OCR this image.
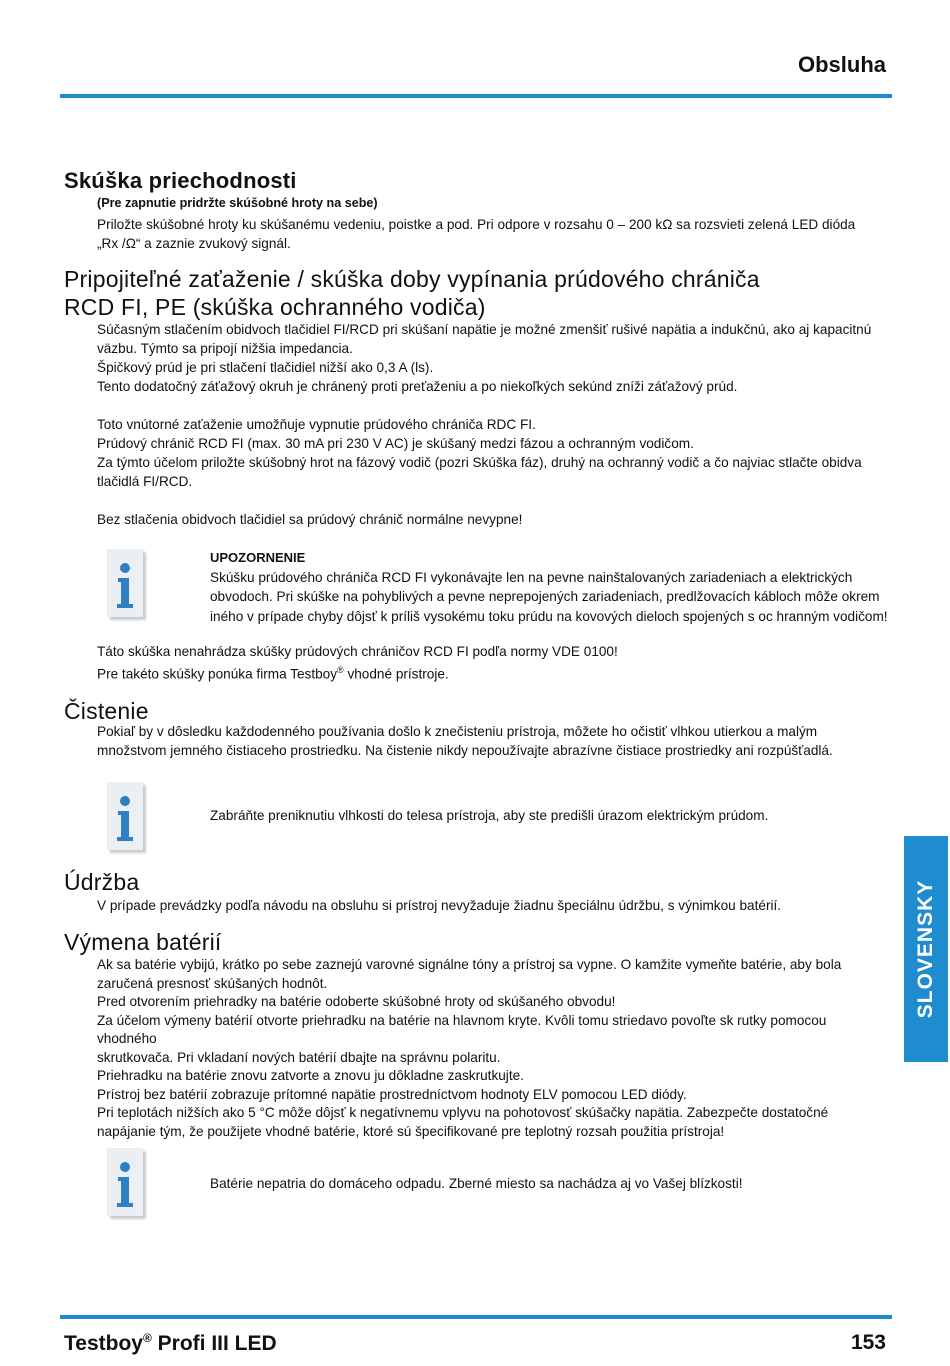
Obsluha
Skúška priechodnosti

(Pre zapnutie pridržte skúšobné hroty na sebe)

Priložte skúšobné hroty ku skúšanému vedeniu, poistke a pod. Pri odpore v rozsahu 0 – 200 kΩ sa rozsvieti zelená LED dióda

„Rx /Ω“ a zaznie zvukový signál.

Pripojiteľné zaťaženie / skúška doby vypínania prúdového chrániča
RCD FI, PE (skúška ochranného vodiča)

Súčasným stlačením obidvoch tlačidiel FI/RCD pri skúšaní napätie je možné zmenšiť rušivé napätia a indukčnú, ako aj kapacitnú

väzbu. Týmto sa pripojí nižšia impedancia.

Špičkový prúd je pri stlačení tlačidiel nižší ako 0,3 A (ls).

Tento dodatočný záťažový okruh je chránený proti preťaženiu a po niekoľkých sekúnd zníži záťažový prúd.

Toto vnútorné zaťaženie umožňuje vypnutie prúdového chrániča RDC FI.

Prúdový chránič RCD FI (max. 30 mA pri 230 V AC) je skúšaný medzi fázou a ochranným vodičom.

Za týmto účelom priložte skúšobný hrot na fázový vodič (pozri Skúška fáz), druhý na ochranný vodič a čo najviac stlačte obidva

tlačidlá FI/RCD.

Bez stlačenia obidvoch tlačidiel sa prúdový chránič normálne nevypne!

UPOZORNENIE

Skúšku prúdového chrániča RCD FI vykonávajte len na pevne nainštalovaných zariadeniach a elektrických

obvodoch. Pri skúške na pohyblivých a pevne neprepojených zariadeniach, predlžovacích kábloch môže okrem

iného v prípade chyby dôjsť k príliš vysokému toku prúdu na kovových dieloch spojených s oc hranným vodičom!

Táto skúška nenahrádza skúšky prúdových chráničov RCD FI podľa normy VDE 0100!

Pre takéto skúšky ponúka firma Testboy® vhodné prístroje.

Čistenie

Pokiaľ by v dôsledku každodenného používania došlo k znečisteniu prístroja, môžete ho očistiť vlhkou utierkou a malým

množstvom jemného čistiaceho prostriedku. Na čistenie nikdy nepoužívajte abrazívne čistiace prostriedky ani rozpúšťadlá.

Zabráňte preniknutiu vlhkosti do telesa prístroja, aby ste predišli úrazom elektrickým prúdom.
Údržba
V prípade prevádzky podľa návodu na obsluhu si prístroj nevyžaduje žiadnu špeciálnu údržbu, s výnimkou batérií.
Výmena batérií

Ak sa batérie vybijú, krátko po sebe zaznejú varovné signálne tóny a prístroj sa vypne. O kamžite vymeňte batérie, aby bola

zaručená presnosť skúšaných hodnôt.

Pred otvorením priehradky na batérie odoberte skúšobné hroty od skúšaného obvodu!

Za účelom výmeny batérií otvorte priehradku na batérie na hlavnom kryte. Kvôli tomu striedavo povoľte sk rutky pomocou vhodného

skrutkovača. Pri vkladaní nových batérií dbajte na správnu polaritu.

Priehradku na batérie znovu zatvorte a znovu ju dôkladne zaskrutkujte.

Prístroj bez batérií zobrazuje prítomné napätie prostredníctvom hodnoty ELV pomocou LED diódy.

Pri teplotách nižších ako 5 °C môže dôjsť k negatívnemu vplyvu na pohotovosť skúšačky napätia. Zabezpečte dostatočné

napájanie tým, že použijete vhodné batérie, ktoré sú špecifikované pre teplotný rozsah použitia prístroja!

Batérie nepatria do domáceho odpadu. Zberné miesto sa nachádza aj vo Vašej blízkosti!
SLOVENSKY
Testboy® Profi III LED	153
